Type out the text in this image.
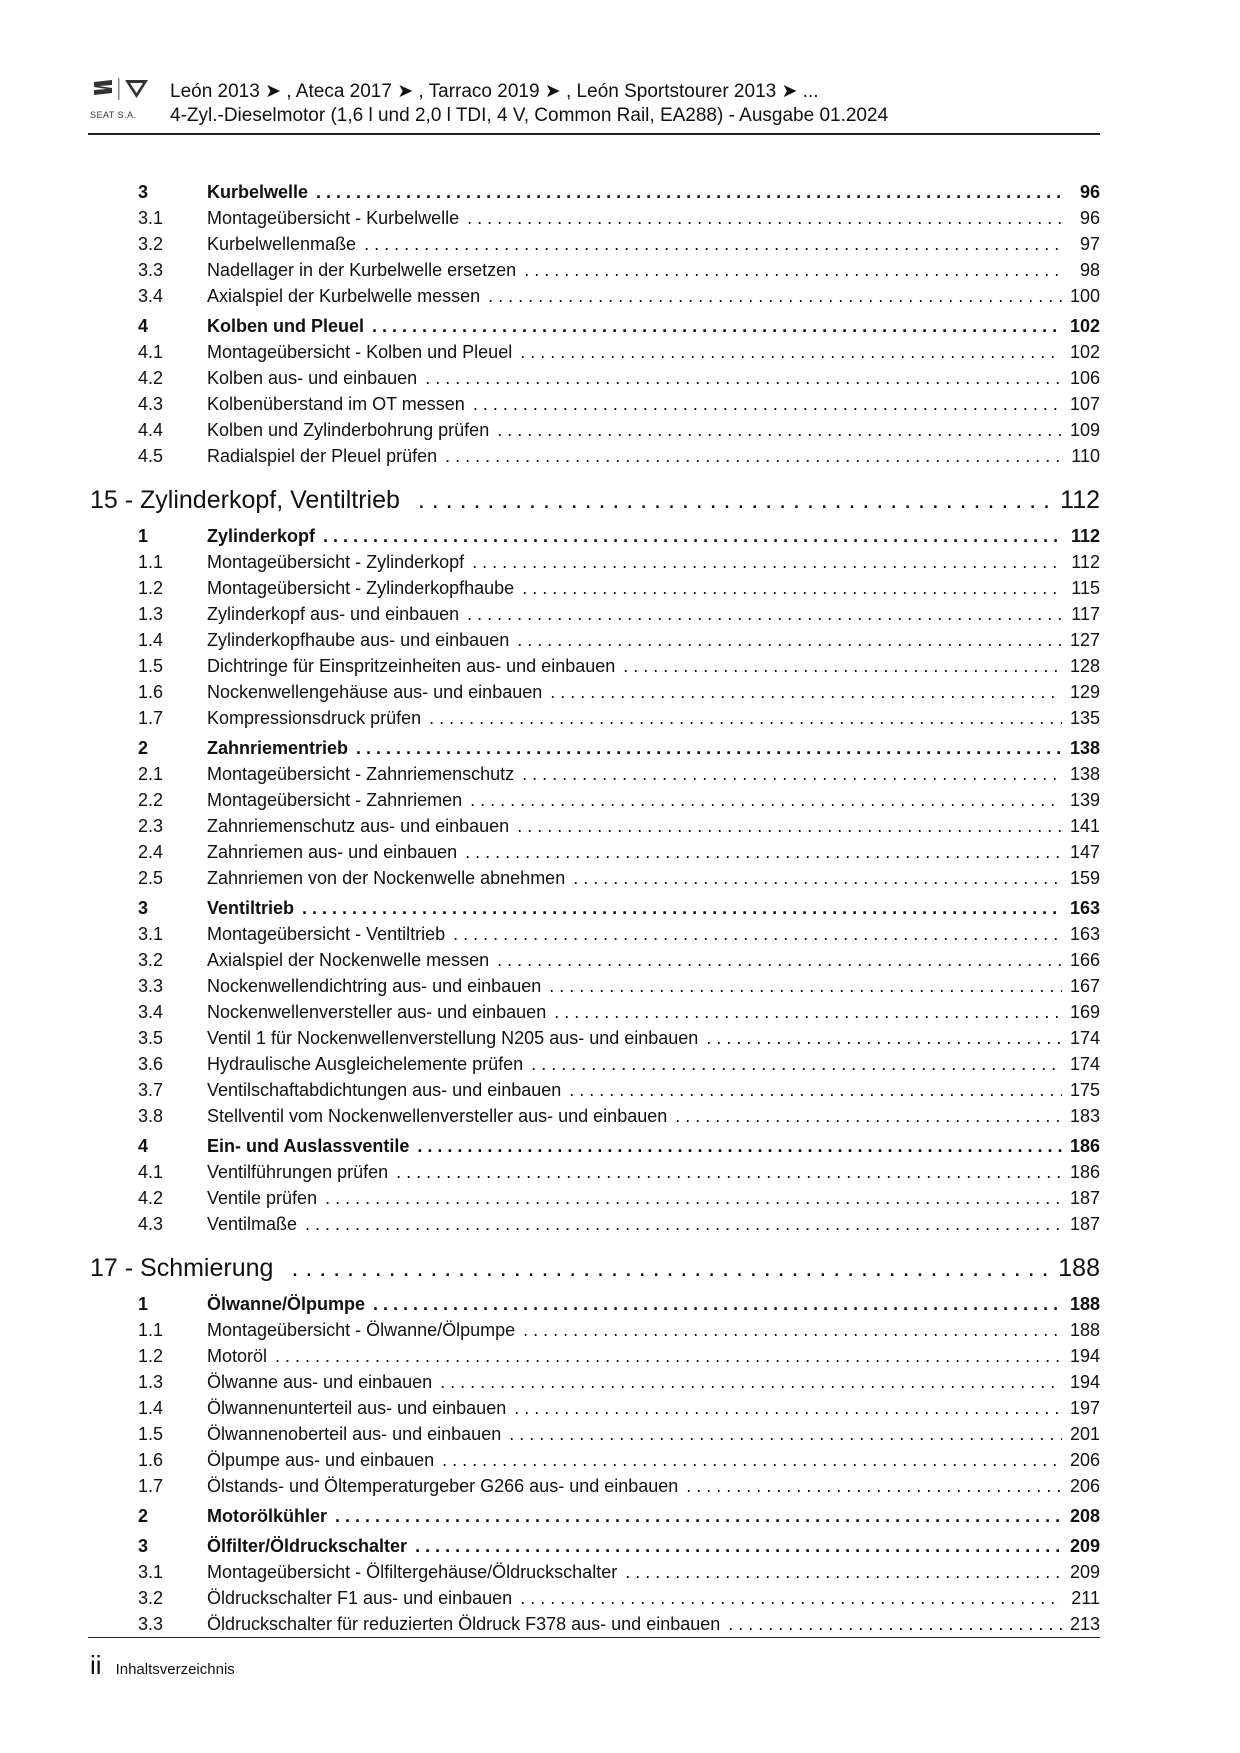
SEAT S.A.
León 2013 ➤ , Ateca 2017 ➤ , Tarraco 2019 ➤ , León Sportstourer 2013 ➤ ...
4-Zyl.-Dieselmotor (1,6 l und 2,0 l TDI, 4 V, Common Rail, EA288) - Ausgabe 01.2024
3	Kurbelwelle . . .	96
3.1	Montageübersicht - Kurbelwelle . . .	96
3.2	Kurbelwellenmaße . . .	97
3.3	Nadellager in der Kurbelwelle ersetzen . . .	98
3.4	Axialspiel der Kurbelwelle messen . . .	100
4	Kolben und Pleuel . . .	102
4.1	Montageübersicht - Kolben und Pleuel . . .	102
4.2	Kolben aus- und einbauen . . .	106
4.3	Kolbenüberstand im OT messen . . .	107
4.4	Kolben und Zylinderbohrung prüfen . . .	109
4.5	Radialspiel der Pleuel prüfen . . .	110
15 - Zylinderkopf, Ventiltrieb . . .	112
1	Zylinderkopf . . .	112
1.1	Montageübersicht - Zylinderkopf . . .	112
1.2	Montageübersicht - Zylinderkopfhaube . . .	115
1.3	Zylinderkopf aus- und einbauen . . .	117
1.4	Zylinderkopfhaube aus- und einbauen . . .	127
1.5	Dichtringe für Einspritzeinheiten aus- und einbauen . . .	128
1.6	Nockenwellengehäuse aus- und einbauen . . .	129
1.7	Kompressionsdruck prüfen . . .	135
2	Zahnriementrieb . . .	138
2.1	Montageübersicht - Zahnriemenschutz . . .	138
2.2	Montageübersicht - Zahnriemen . . .	139
2.3	Zahnriemenschutz aus- und einbauen . . .	141
2.4	Zahnriemen aus- und einbauen . . .	147
2.5	Zahnriemen von der Nockenwelle abnehmen . . .	159
3	Ventiltrieb . . .	163
3.1	Montageübersicht - Ventiltrieb . . .	163
3.2	Axialspiel der Nockenwelle messen . . .	166
3.3	Nockenwellendichtring aus- und einbauen . . .	167
3.4	Nockenwellenversteller aus- und einbauen . . .	169
3.5	Ventil 1 für Nockenwellenverstellung N205 aus- und einbauen . . .	174
3.6	Hydraulische Ausgleichelemente prüfen . . .	174
3.7	Ventilschaftabdichtungen aus- und einbauen . . .	175
3.8	Stellventil vom Nockenwellenversteller aus- und einbauen . . .	183
4	Ein- und Auslassventile . . .	186
4.1	Ventilführungen prüfen . . .	186
4.2	Ventile prüfen . . .	187
4.3	Ventilmaße . . .	187
17 - Schmierung . . .	188
1	Ölwanne/Ölpumpe . . .	188
1.1	Montageübersicht - Ölwanne/Ölpumpe . . .	188
1.2	Motoröl . . .	194
1.3	Ölwanne aus- und einbauen . . .	194
1.4	Ölwannenunterteil aus- und einbauen . . .	197
1.5	Ölwannenoberteil aus- und einbauen . . .	201
1.6	Ölpumpe aus- und einbauen . . .	206
1.7	Ölstands- und Öltemperaturgeber G266 aus- und einbauen . . .	206
2	Motorölkühler . . .	208
3	Ölfilter/Öldruckschalter . . .	209
3.1	Montageübersicht - Ölfiltergehäuse/Öldruckschalter . . .	209
3.2	Öldruckschalter F1 aus- und einbauen . . .	211
3.3	Öldruckschalter für reduzierten Öldruck F378 aus- und einbauen . . .	213
ii Inhaltsverzeichnis
